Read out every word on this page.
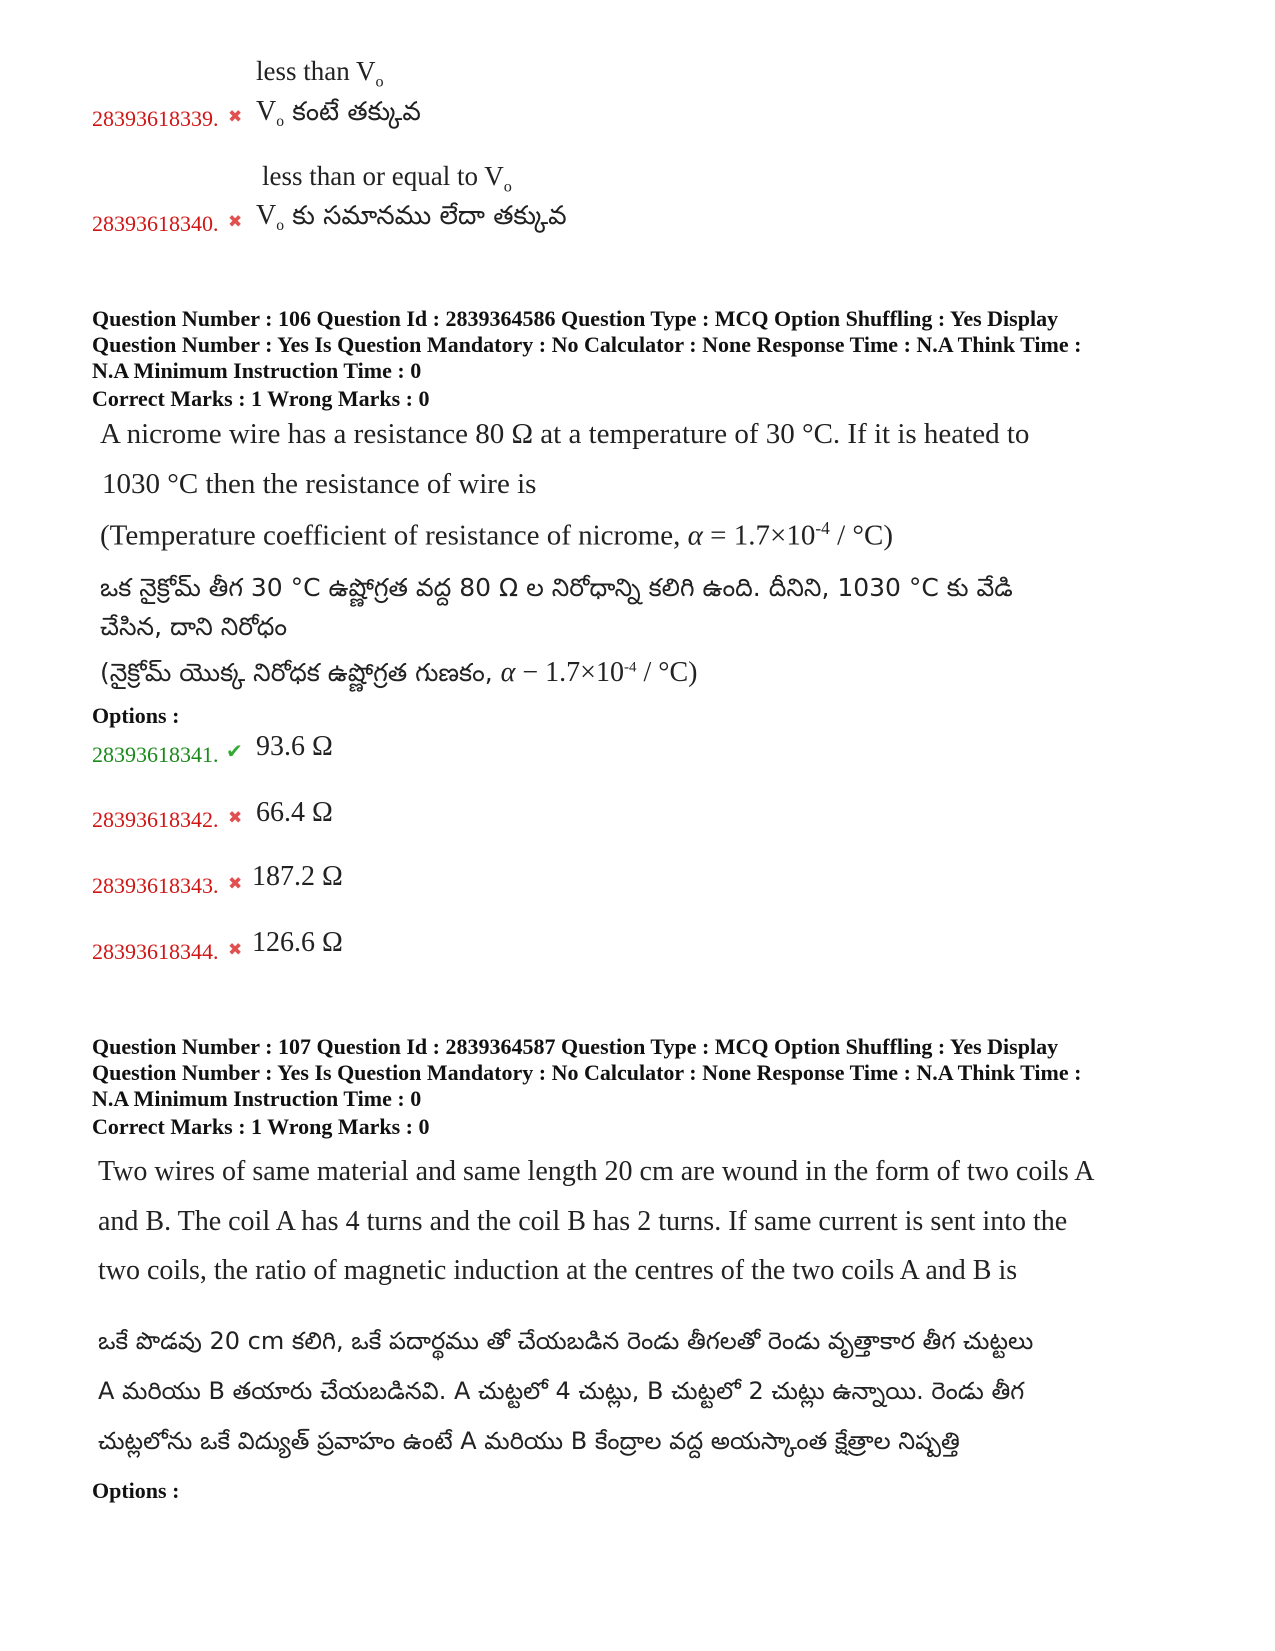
less than $V_o$
28393618339. ✖ $V_o$ కంటే తక్కువ
less than or equal to $V_o$
28393618340. ✖ $V_o$ కు సమానము లేదా తక్కువ
Question Number : 106 Question Id : 2839364586 Question Type : MCQ Option Shuffling : Yes Display
Question Number : Yes Is Question Mandatory : No Calculator : None Response Time : N.A Think Time :
N.A Minimum Instruction Time : 0
Correct Marks : 1 Wrong Marks : 0
A nicrome wire has a resistance 80 Ω at a temperature of 30 °C. If it is heated to
1030 °C then the resistance of wire is
(Temperature coefficient of resistance of nicrome, $\alpha = 1.7\times 10^{-4} / ^\circ C$)
ఒక నైక్రోమ్ తీగ 30 °C ఉష్ణోగ్రత వద్ద 80 Ω ల నిరోధాన్ని కలిగి ఉంది. దీనిని, 1030 °C కు వేడి
చేసిన, దాని నిరోధం
(నైక్రోమ్ యొక్క నిరోధక ఉష్ణోగ్రత గుణకం, $\alpha - 1.7\times 10^{-4} / ^\circ C$)
Options :
28393618341. ✔ 93.6 Ω
28393618342. ✖ 66.4 Ω
28393618343. ✖ 187.2 Ω
28393618344. ✖ 126.6 Ω
Question Number : 107 Question Id : 2839364587 Question Type : MCQ Option Shuffling : Yes Display
Question Number : Yes Is Question Mandatory : No Calculator : None Response Time : N.A Think Time :
N.A Minimum Instruction Time : 0
Correct Marks : 1 Wrong Marks : 0
Two wires of same material and same length 20 cm are wound in the form of two coils A
and B. The coil A has 4 turns and the coil B has 2 turns. If same current is sent into the
two coils, the ratio of magnetic induction at the centres of the two coils A and B is
ఒకే పొడవు 20 cm కలిగి, ఒకే పదార్థము తో చేయబడిన రెండు తీగలతో రెండు వృత్తాకార తీగ చుట్టలు
A మరియు B తయారు చేయబడినవి. A చుట్టలో 4 చుట్లు, B చుట్టలో 2 చుట్లు ఉన్నాయి. రెండు తీగ
చుట్లలోను ఒకే విద్యుత్ ప్రవాహం ఉంటే A మరియు B కేంద్రాల వద్ద అయస్కాంత క్షేత్రాల నిష్పత్తి
Options :
